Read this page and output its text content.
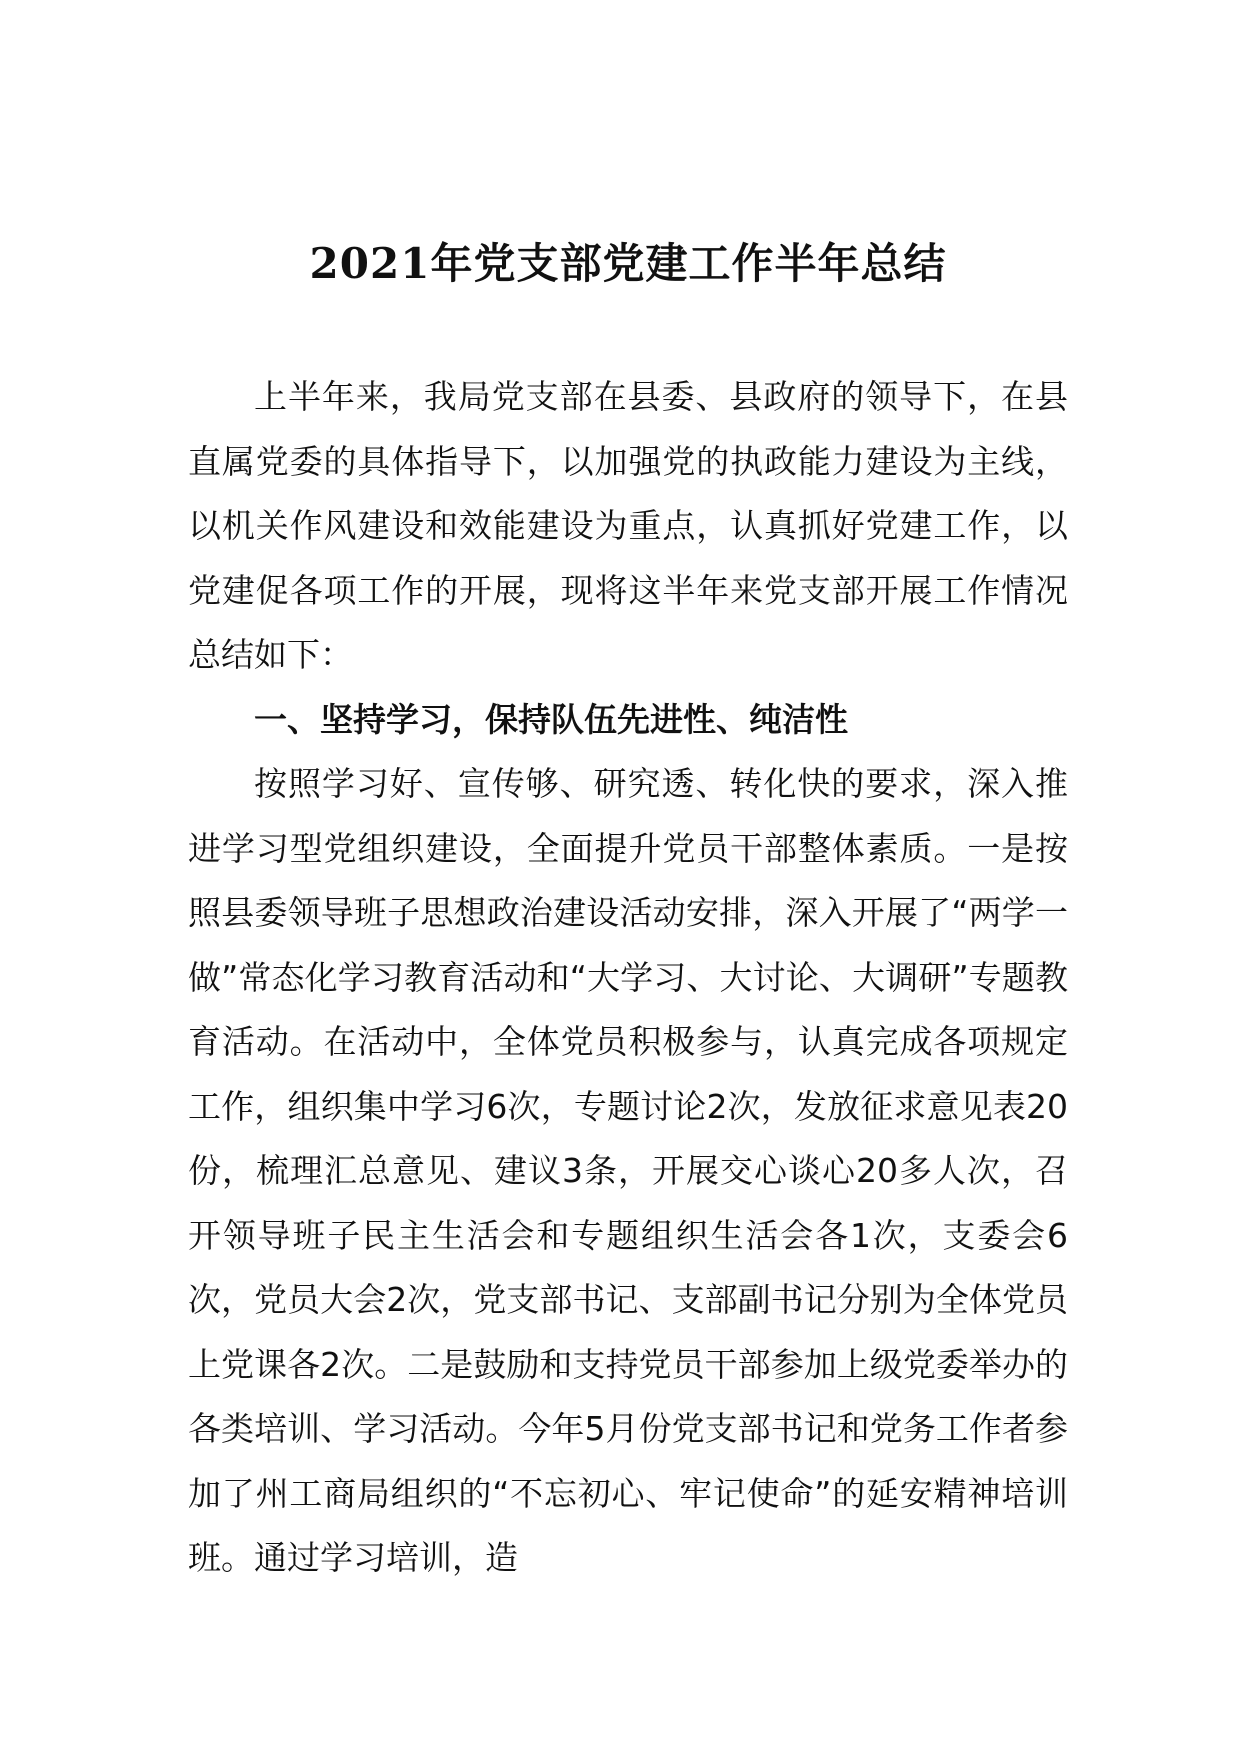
2021年党支部党建工作半年总结

上半年来，我局党支部在县委、县政府的领导下，在县直属党委的具体指导下，以加强党的执政能力建设为主线，以机关作风建设和效能建设为重点，认真抓好党建工作，以党建促各项工作的开展，现将这半年来党支部开展工作情况总结如下：

一、坚持学习，保持队伍先进性、纯洁性

按照学习好、宣传够、研究透、转化快的要求，深入推进学习型党组织建设，全面提升党员干部整体素质。一是按照县委领导班子思想政治建设活动安排，深入开展了“两学一做”常态化学习教育活动和“大学习、大讨论、大调研”专题教育活动。在活动中，全体党员积极参与，认真完成各项规定工作，组织集中学习6次，专题讨论2次，发放征求意见表20份，梳理汇总意见、建议3条，开展交心谈心20多人次，召开领导班子民主生活会和专题组织生活会各1次，支委会6次，党员大会2次，党支部书记、支部副书记分别为全体党员上党课各2次。二是鼓励和支持党员干部参加上级党委举办的各类培训、学习活动。今年5月份党支部书记和党务工作者参加了州工商局组织的“不忘初心、牢记使命”的延安精神培训班。通过学习培训，造
